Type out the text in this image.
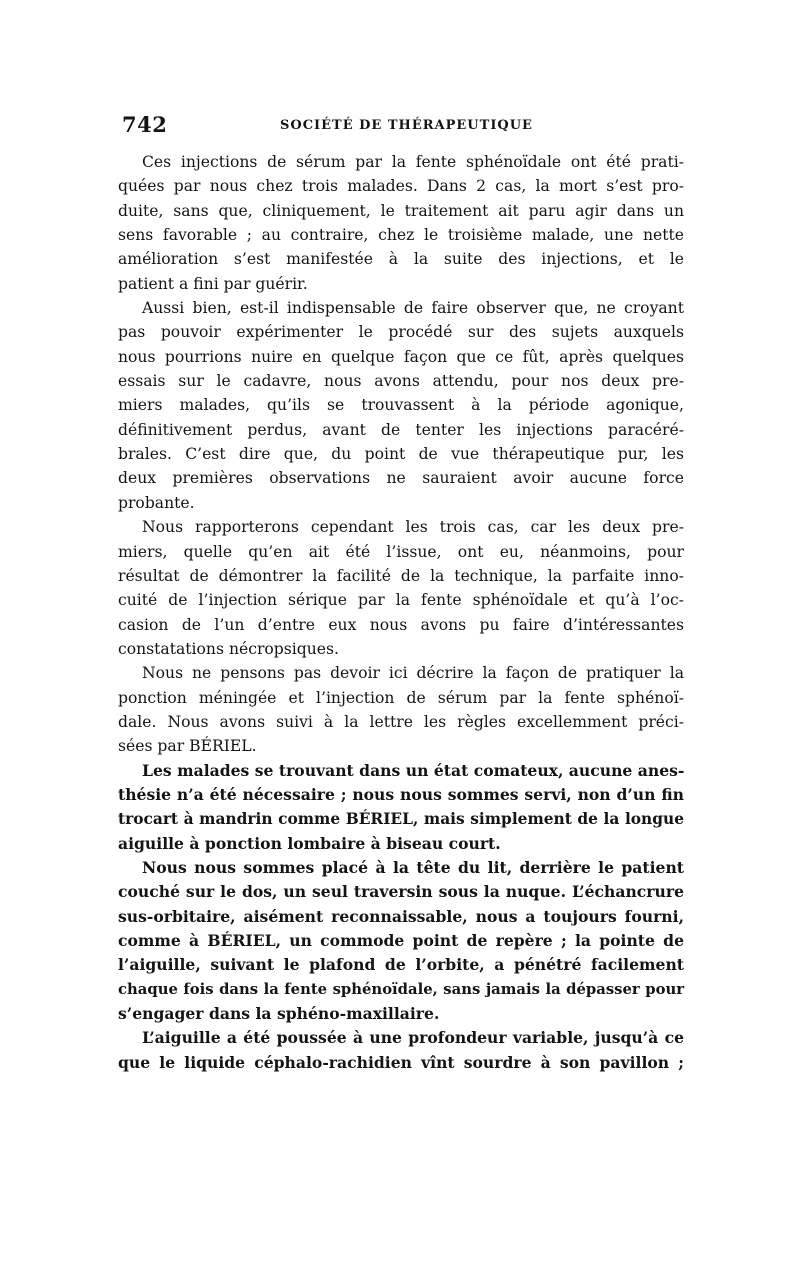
742	SOCIÉTÉ DE THÉRAPEUTIQUE
Ces injections de sérum par la fente sphénoïdale ont été prati-
quées par nous chez trois malades. Dans 2 cas, la mort s’est pro-
duite, sans que, cliniquement, le traitement ait paru agir dans un
sens favorable ; au contraire, chez le troisième malade, une nette
amélioration s’est manifestée à la suite des injections, et le
patient a fini par guérir.
Aussi bien, est-il indispensable de faire observer que, ne croyant
pas pouvoir expérimenter le procédé sur des sujets auxquels
nous pourrions nuire en quelque façon que ce fût, après quelques
essais sur le cadavre, nous avons attendu, pour nos deux pre-
miers malades, qu’ils se trouvassent à la période agonique,
définitivement perdus, avant de tenter les injections paracéré-
brales. C’est dire que, du point de vue thérapeutique pur, les
deux premières observations ne sauraient avoir aucune force
probante.
Nous rapporterons cependant les trois cas, car les deux pre-
miers, quelle qu’en ait été l’issue, ont eu, néanmoins, pour
résultat de démontrer la facilité de la technique, la parfaite inno-
cuité de l’injection sérique par la fente sphénoïdale et qu’à l’oc-
casion de l’un d’entre eux nous avons pu faire d’intéressantes
constatations nécropsiques.
Nous ne pensons pas devoir ici décrire la façon de pratiquer la
ponction méningée et l’injection de sérum par la fente sphénoï-
dale. Nous avons suivi à la lettre les règles excellemment préci-
sées par BÉRIEL.
Les malades se trouvant dans un état comateux, aucune anes-
thésie n’a été nécessaire ; nous nous sommes servi, non d’un fin
trocart à mandrin comme BÉRIEL, mais simplement de la longue
aiguille à ponction lombaire à biseau court.
Nous nous sommes placé à la tête du lit, derrière le patient
couché sur le dos, un seul traversin sous la nuque. L’échancrure
sus-orbitaire, aisément reconnaissable, nous a toujours fourni,
comme à BÉRIEL, un commode point de repère ; la pointe de
l’aiguille, suivant le plafond de l’orbite, a pénétré facilement
chaque fois dans la fente sphénoïdale, sans jamais la dépasser pour
s’engager dans la sphéno-maxillaire.
L’aiguille a été poussée à une profondeur variable, jusqu’à ce
que le liquide céphalo-rachidien vînt sourdre à son pavillon ;
